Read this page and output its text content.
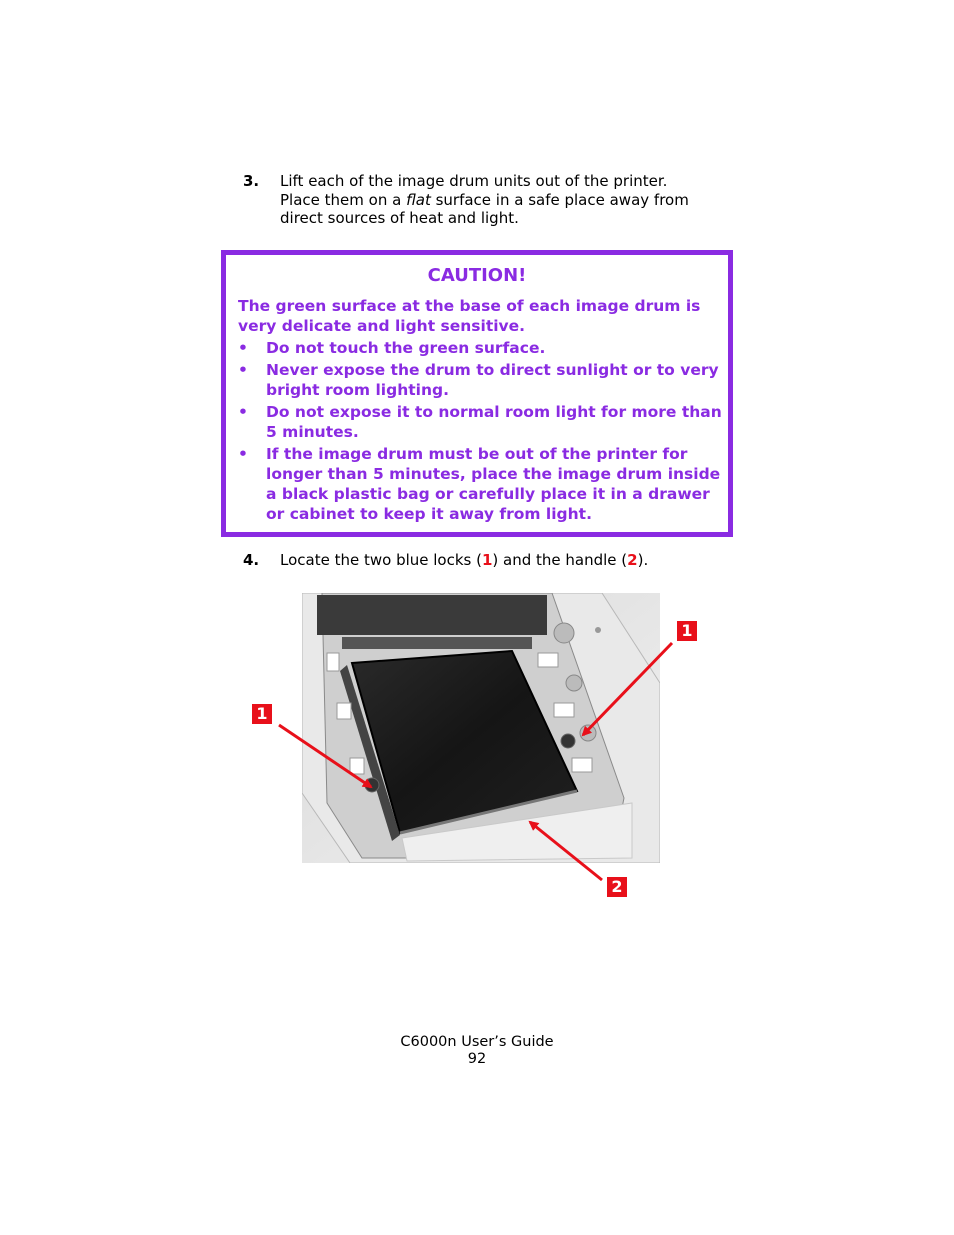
3. Lift each of the image drum units out of the printer.
Place them on a flat surface in a safe place away from
direct sources of heat and light.
CAUTION!
The green surface at the base of each image drum is very delicate and light sensitive.
• Do not touch the green surface.
• Never expose the drum to direct sunlight or to very bright room lighting.
• Do not expose it to normal room light for more than 5 minutes.
• If the image drum must be out of the printer for longer than 5 minutes, place the image drum inside a black plastic bag or carefully place it in a drawer or cabinet to keep it away from light.
4. Locate the two blue locks (1) and the handle (2).
1
1
2
C6000n User’s Guide
92
